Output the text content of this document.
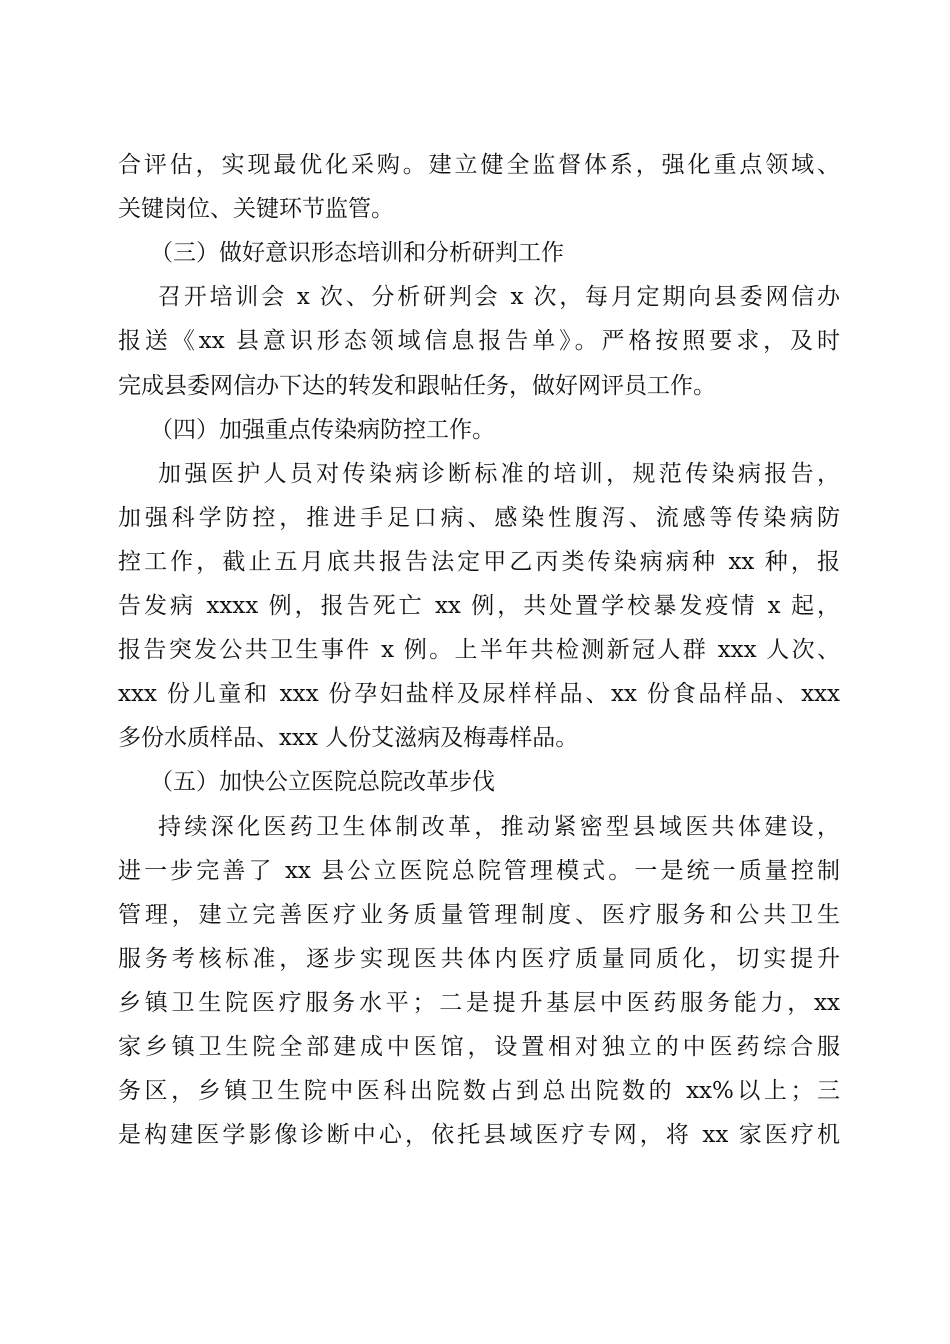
合评估，实现最优化采购。建立健全监督体系，强化重点领域、
关键岗位、关键环节监管。
（三）做好意识形态培训和分析研判工作
召开培训会 x 次、分析研判会 x 次，每月定期向县委网信办
报送《xx 县意识形态领域信息报告单》。严格按照要求，及时
完成县委网信办下达的转发和跟帖任务，做好网评员工作。
（四）加强重点传染病防控工作。
加强医护人员对传染病诊断标准的培训，规范传染病报告，
加强科学防控，推进手足口病、感染性腹泻、流感等传染病防
控工作，截止五月底共报告法定甲乙丙类传染病病种 xx 种，报
告发病 xxxx 例，报告死亡 xx 例，共处置学校暴发疫情 x 起，
报告突发公共卫生事件 x 例。上半年共检测新冠人群 xxx 人次、
xxx 份儿童和 xxx 份孕妇盐样及尿样样品、xx 份食品样品、xxx
多份水质样品、xxx 人份艾滋病及梅毒样品。
（五）加快公立医院总院改革步伐
持续深化医药卫生体制改革，推动紧密型县域医共体建设，
进一步完善了 xx 县公立医院总院管理模式。一是统一质量控制
管理，建立完善医疗业务质量管理制度、医疗服务和公共卫生
服务考核标准，逐步实现医共体内医疗质量同质化，切实提升
乡镇卫生院医疗服务水平；二是提升基层中医药服务能力，xx
家乡镇卫生院全部建成中医馆，设置相对独立的中医药综合服
务区，乡镇卫生院中医科出院数占到总出院数的 xx%以上；三
是构建医学影像诊断中心，依托县域医疗专网，将 xx 家医疗机
